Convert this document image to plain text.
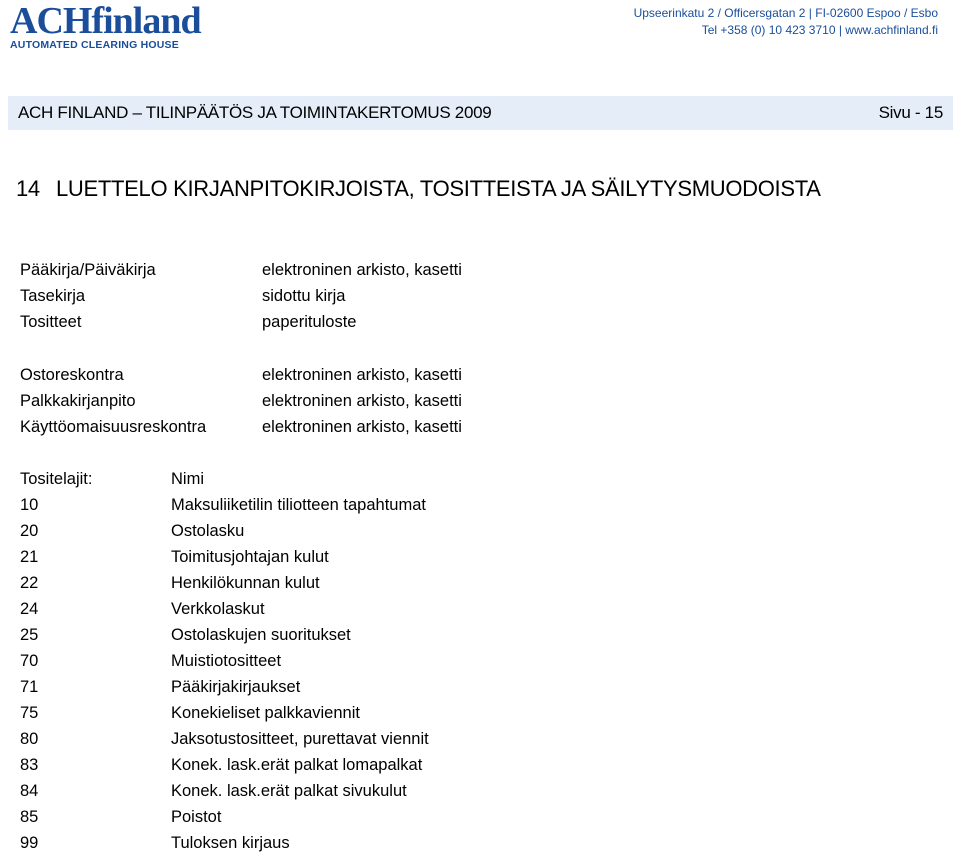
ACHfinland
AUTOMATED CLEARING HOUSE
Upseerinkatu 2 / Officersgatan 2 | FI-02600 Espoo / Esbo
Tel +358 (0) 10 423 3710 | www.achfinland.fi
ACH FINLAND – TILINPÄÄTÖS JA TOIMINTAKERTOMUS 2009	Sivu - 15
14 LUETTELO KIRJANPITOKIRJOISTA, TOSITTEISTA JA SÄILYTYSMUODOISTA
Pääkirja/Päiväkirja	elektroninen arkisto, kasetti
Tasekirja	sidottu kirja
Tositteet	paperituloste
Ostoreskontra	elektroninen arkisto, kasetti
Palkkakirjanpito	elektroninen arkisto, kasetti
Käyttöomaisuusreskontra	elektroninen arkisto, kasetti
Tositelajit:	Nimi
10	Maksuliiketilin tiliotteen tapahtumat
20	Ostolasku
21	Toimitusjohtajan kulut
22	Henkilökunnan kulut
24	Verkkolaskut
25	Ostolaskujen suoritukset
70	Muistiotositteet
71	Pääkirjakirjaukset
75	Konekieliset palkkaviennit
80	Jaksotustositteet, purettavat viennit
83	Konek. lask.erät palkat lomapalkat
84	Konek. lask.erät palkat sivukulut
85	Poistot
99	Tuloksen kirjaus
